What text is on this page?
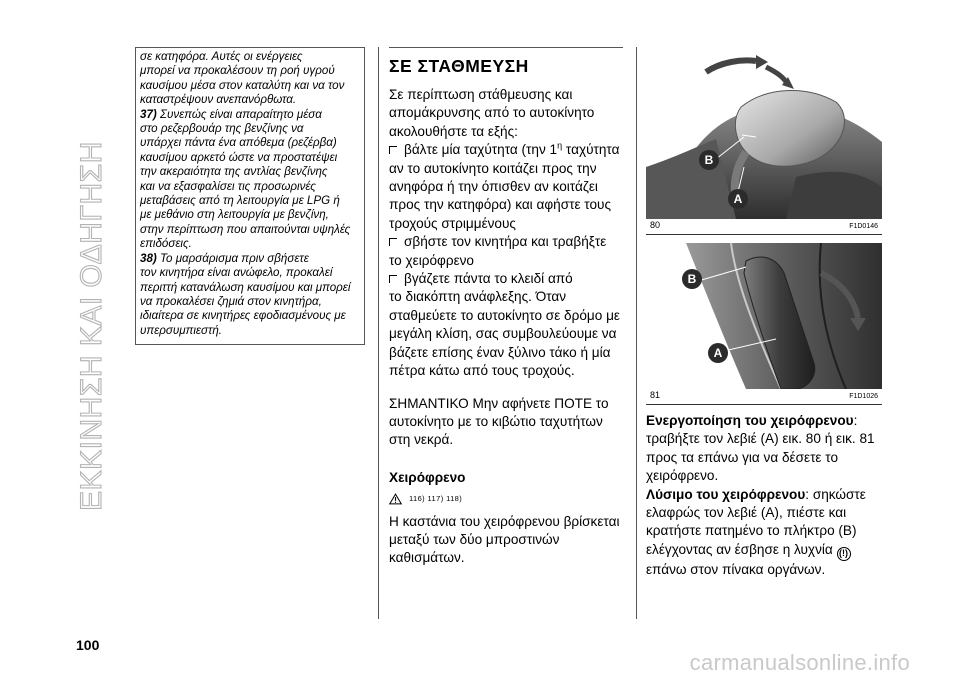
ΕΚΚΙΝΗΣΗ ΚΑΙ ΟΔΗΓΗΣΗ
100

σε κατηφόρα. Αυτές οι ενέργειες

μπορεί να προκαλέσουν τη ροή υγρού

καυσίμου μέσα στον καταλύτη και να τον

καταστρέψουν ανεπανόρθωτα.

37) Συνεπώς είναι απαραίτητο μέσα

στο ρεζερβουάρ της βενζίνης να

υπάρχει πάντα ένα απόθεμα (ρεζέρβα)

καυσίμου αρκετό ώστε να προστατέψει

την ακεραιότητα της αντλίας βενζίνης

και να εξασφαλίσει τις προσωρινές

μεταβάσεις από τη λειτουργία με LPG ή

με μεθάνιο στη λειτουργία με βενζίνη,

στην περίπτωση που απαιτούνται υψηλές

επιδόσεις.

38) Το μαρσάρισμα πριν σβήσετε

τον κινητήρα είναι ανώφελο, προκαλεί

περιττή κατανάλωση καυσίμου και μπορεί

να προκαλέσει ζημιά στον κινητήρα,

ιδιαίτερα σε κινητήρες εφοδιασμένους με

υπερσυμπιεστή.

ΣΕ ΣΤΑΘΜΕΥΣΗ

Σε περίπτωση στάθμευσης και

απομάκρυνσης από το αυτοκίνητο

ακολουθήστε τα εξής:

βάλτε μία ταχύτητα (την $1^\eta$ ταχύτητα

αν το αυτοκίνητο κοιτάζει προς την

ανηφόρα ή την όπισθεν αν κοιτάζει

προς την κατηφόρα) και αφήστε τους

τροχούς στριμμένους

σβήστε τον κινητήρα και τραβήξτε

το χειρόφρενο

βγάζετε πάντα το κλειδί από

το διακόπτη ανάφλεξης. Όταν

σταθμεύετε το αυτοκίνητο σε δρόμο με

μεγάλη κλίση, σας συμβουλεύουμε να

βάζετε επίσης έναν ξύλινο τάκο ή μία

πέτρα κάτω από τους τροχούς.

ΣΗΜΑΝΤΙΚΟ Μην αφήνετε ΠΟΤΕ το

αυτοκίνητο με το κιβώτιο ταχυτήτων

στη νεκρά.

Χειρόφρενο
116) 117) 118)

Η καστάνια του χειρόφρενου βρίσκεται

μεταξύ των δύο μπροστινών

καθισμάτων.

B
A
80	F1D0146
B
A
81	F1D1026

Ενεργοποίηση του χειρόφρενου:

τραβήξτε τον λεβιέ (A) εικ. 80 ή εικ. 81

προς τα επάνω για να δέσετε το

χειρόφρενο.

Λύσιμο του χειρόφρενου: σηκώστε

ελαφρώς τον λεβιέ (A), πιέστε και

κρατήστε πατημένο το πλήκτρο (B)

ελέγχοντας αν έσβησε η λυχνία (!)

επάνω στον πίνακα οργάνων.

carmanualsonline.info
